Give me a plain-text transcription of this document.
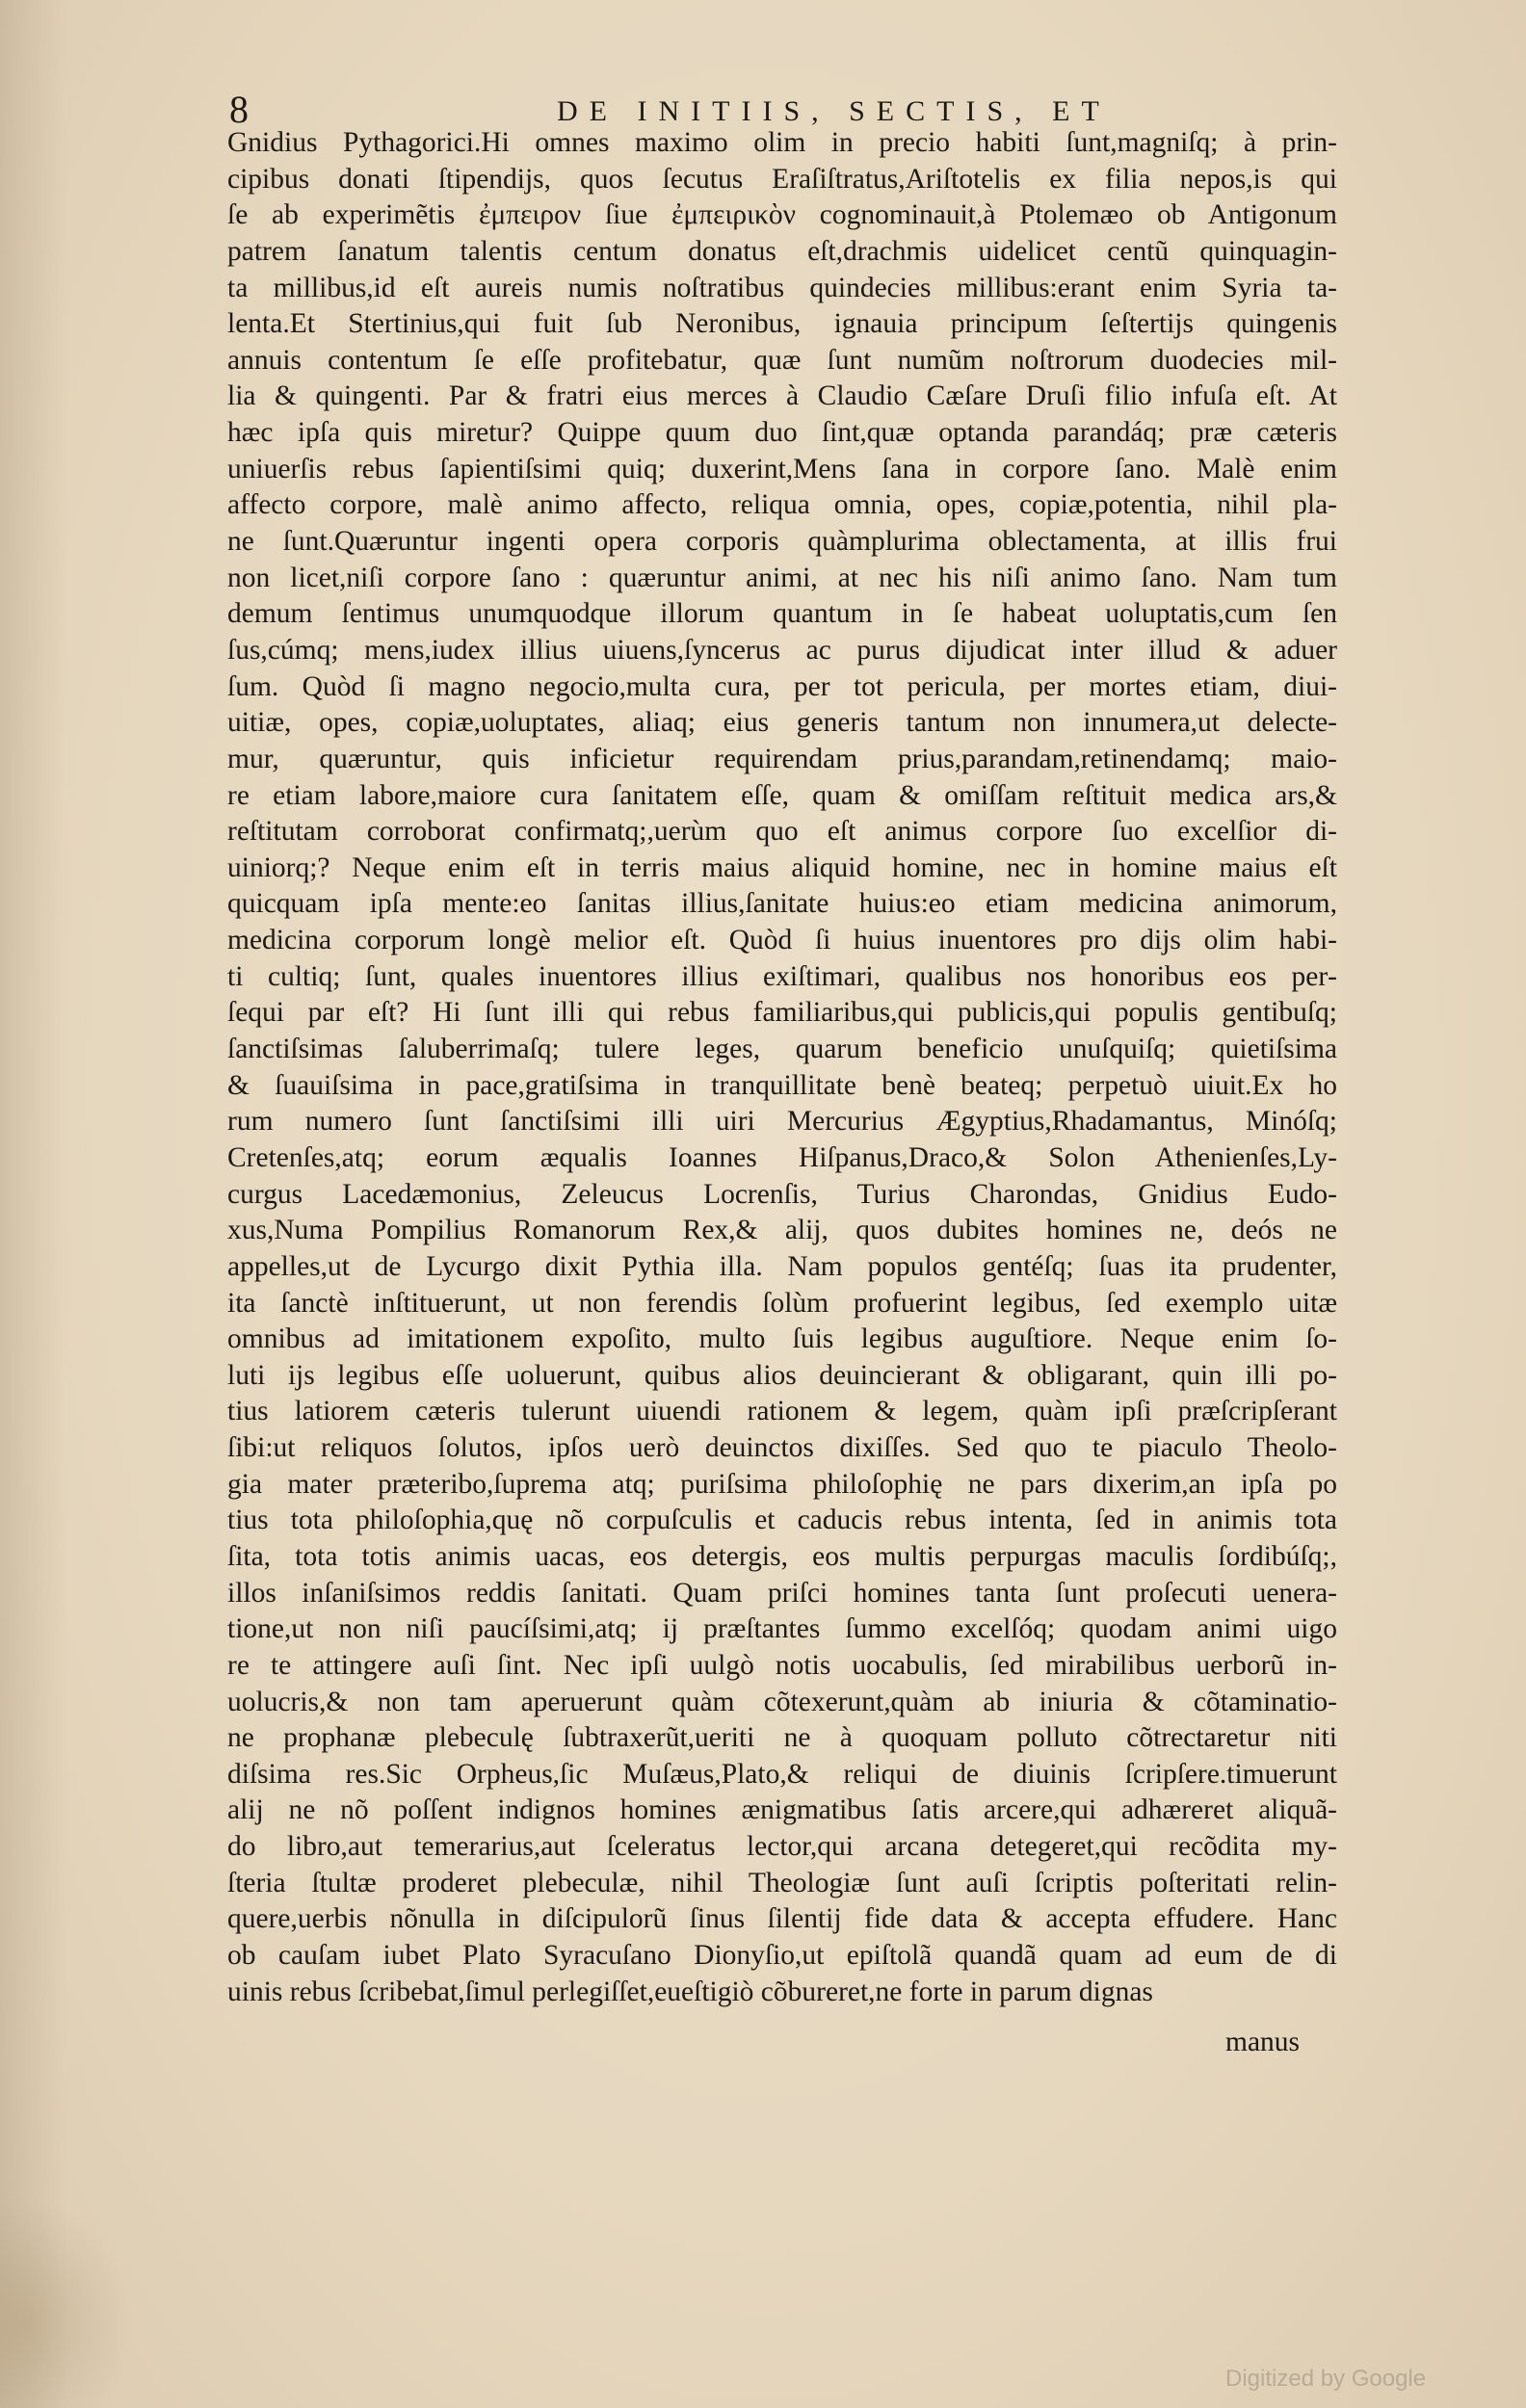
8	DE INITIIS, SECTIS, ET
Gnidius Pythagorici.Hi omnes maximo olim in precio habiti ſunt,magniſq; à prin‑
cipibus donati ſtipendijs, quos ſecutus Eraſiſtratus,Ariſtotelis ex filia nepos,is qui
ſe ab experimẽtis ἐμπειρον ſiue ἐμπειρικὸν cognominauit,à Ptolemæo ob Antigonum
patrem ſanatum talentis centum donatus eſt,drachmis uidelicet centũ quinquagin‑
ta millibus,id eſt aureis numis noſtratibus quindecies millibus:erant enim Syria ta‑
lenta.Et Stertinius,qui fuit ſub Neronibus, ignauia principum ſeſtertijs quingenis
annuis contentum ſe eſſe profitebatur, quæ ſunt numũm noſtrorum duodecies mil‑
lia & quingenti. Par & fratri eius merces à Claudio Cæſare Druſi filio infuſa eſt. At
hæc ipſa quis miretur? Quippe quum duo ſint,quæ optanda parandáq; præ cæteris
uniuerſis rebus ſapientiſsimi quiq; duxerint,Mens ſana in corpore ſano. Malè enim
affecto corpore, malè animo affecto, reliqua omnia, opes, copiæ,potentia, nihil pla‑
ne ſunt.Quæruntur ingenti opera corporis quàmplurima oblectamenta, at illis frui
non licet,niſi corpore ſano : quæruntur animi, at nec his niſi animo ſano. Nam tum
demum ſentimus unumquodque illorum quantum in ſe habeat uoluptatis,cum ſen
ſus,cúmq; mens,iudex illius uiuens,ſyncerus ac purus dijudicat inter illud & aduer
ſum. Quòd ſi magno negocio,multa cura, per tot pericula, per mortes etiam, diui‑
uitiæ, opes, copiæ,uoluptates, aliaq; eius generis tantum non innumera,ut delecte‑
mur, quæruntur, quis inficietur requirendam prius,parandam,retinendamq; maio‑
re etiam labore,maiore cura ſanitatem eſſe, quam & omiſſam reſtituit medica ars,&
reſtitutam corroborat confirmatq;,uerùm quo eſt animus corpore ſuo excelſior di‑
uiniorq;? Neque enim eſt in terris maius aliquid homine, nec in homine maius eſt
quicquam ipſa mente:eo ſanitas illius,ſanitate huius:eo etiam medicina animorum,
medicina corporum longè melior eſt. Quòd ſi huius inuentores pro dijs olim habi‑
ti cultiq; ſunt, quales inuentores illius exiſtimari, qualibus nos honoribus eos per‑
ſequi par eſt? Hi ſunt illi qui rebus familiaribus,qui publicis,qui populis gentibuſq;
ſanctiſsimas ſaluberrimaſq; tulere leges, quarum beneficio unuſquiſq; quietiſsima
& ſuauiſsima in pace,gratiſsima in tranquillitate benè beateq; perpetuò uiuit.Ex ho
rum numero ſunt ſanctiſsimi illi uiri Mercurius Ægyptius,Rhadamantus, Minóſq;
Cretenſes,atq; eorum æqualis Ioannes Hiſpanus,Draco,& Solon Athenienſes,Ly‑
curgus Lacedæmonius, Zeleucus Locrenſis, Turius Charondas, Gnidius Eudo‑
xus,Numa Pompilius Romanorum Rex,& alij, quos dubites homines ne, deós ne
appelles,ut de Lycurgo dixit Pythia illa. Nam populos gentéſq; ſuas ita prudenter,
ita ſanctè inſtituerunt, ut non ferendis ſolùm profuerint legibus, ſed exemplo uitæ
omnibus ad imitationem expoſito, multo ſuis legibus auguſtiore. Neque enim ſo‑
luti ijs legibus eſſe uoluerunt, quibus alios deuincierant & obligarant, quin illi po‑
tius latiorem cæteris tulerunt uiuendi rationem & legem, quàm ipſi præſcripſerant
ſibi:ut reliquos ſolutos, ipſos uerò deuinctos dixiſſes. Sed quo te piaculo Theolo‑
gia mater præteribo,ſuprema atq; puriſsima philoſophię ne pars dixerim,an ipſa po
tius tota philoſophia,quę nõ corpuſculis et caducis rebus intenta, ſed in animis tota
ſita, tota totis animis uacas, eos detergis, eos multis perpurgas maculis ſordibúſq;,
illos inſaniſsimos reddis ſanitati. Quam priſci homines tanta ſunt proſecuti uenera‑
tione,ut non niſi paucíſsimi,atq; ij præſtantes ſummo excelſóq; quodam animi uigo
re te attingere auſi ſint. Nec ipſi uulgò notis uocabulis, ſed mirabilibus uerborũ in‑
uolucris,& non tam aperuerunt quàm cõtexerunt,quàm ab iniuria & cõtaminatio‑
ne prophanæ plebeculę ſubtraxerũt,ueriti ne à quoquam polluto cõtrectaretur niti
diſsima res.Sic Orpheus,ſic Muſæus,Plato,& reliqui de diuinis ſcripſere.timuerunt
alij ne nõ poſſent indignos homines ænigmatibus ſatis arcere,qui adhæreret aliquã‑
do libro,aut temerarius,aut ſceleratus lector,qui arcana detegeret,qui recõdita my‑
ſteria ſtultæ proderet plebeculæ, nihil Theologiæ ſunt auſi ſcriptis poſteritati relin‑
quere,uerbis nõnulla in diſcipulorũ ſinus ſilentij fide data & accepta effudere. Hanc
ob cauſam iubet Plato Syracuſano Dionyſio,ut epiſtolã quandã quam ad eum de di
uinis rebus ſcribebat,ſimul perlegiſſet,eueſtigiò cõbureret,ne forte in parum dignas
manus
Digitized by Google
